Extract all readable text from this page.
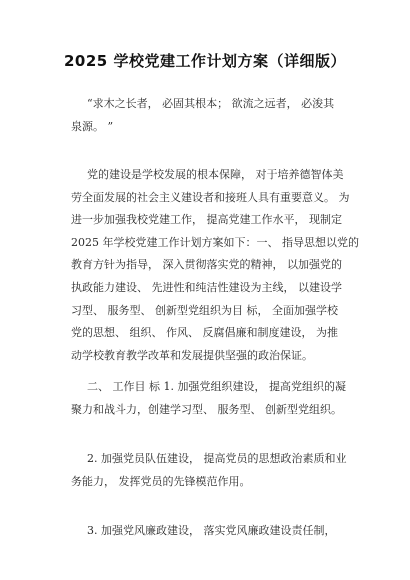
2025 学校党建工作计划方案（详细版）
“求木之长者， 必固其根本； 欲流之远者， 必浚其
泉源。 ”
党的建设是学校发展的根本保障， 对于培养德智体美
劳全面发展的社会主义建设者和接班人具有重要意义。 为
进一步加强我校党建工作， 提高党建工作水平， 现制定
2025 年学校党建工作计划方案如下：一、 指导思想以党的
教育方针为指导， 深入贯彻落实党的精神， 以加强党的
执政能力建设、 先进性和纯洁性建设为主线， 以建设学
习型、 服务型、 创新型党组织为目 标， 全面加强学校
党的思想、 组织、 作风、 反腐倡廉和制度建设， 为推
动学校教育教学改革和发展提供坚强的政治保证。
二、 工作目 标 1. 加强党组织建设， 提高党组织的凝
聚力和战斗力，创建学习型、 服务型、 创新型党组织。
2. 加强党员队伍建设， 提高党员的思想政治素质和业
务能力， 发挥党员的先锋模范作用。
3. 加强党风廉政建设， 落实党风廉政建设责任制，
